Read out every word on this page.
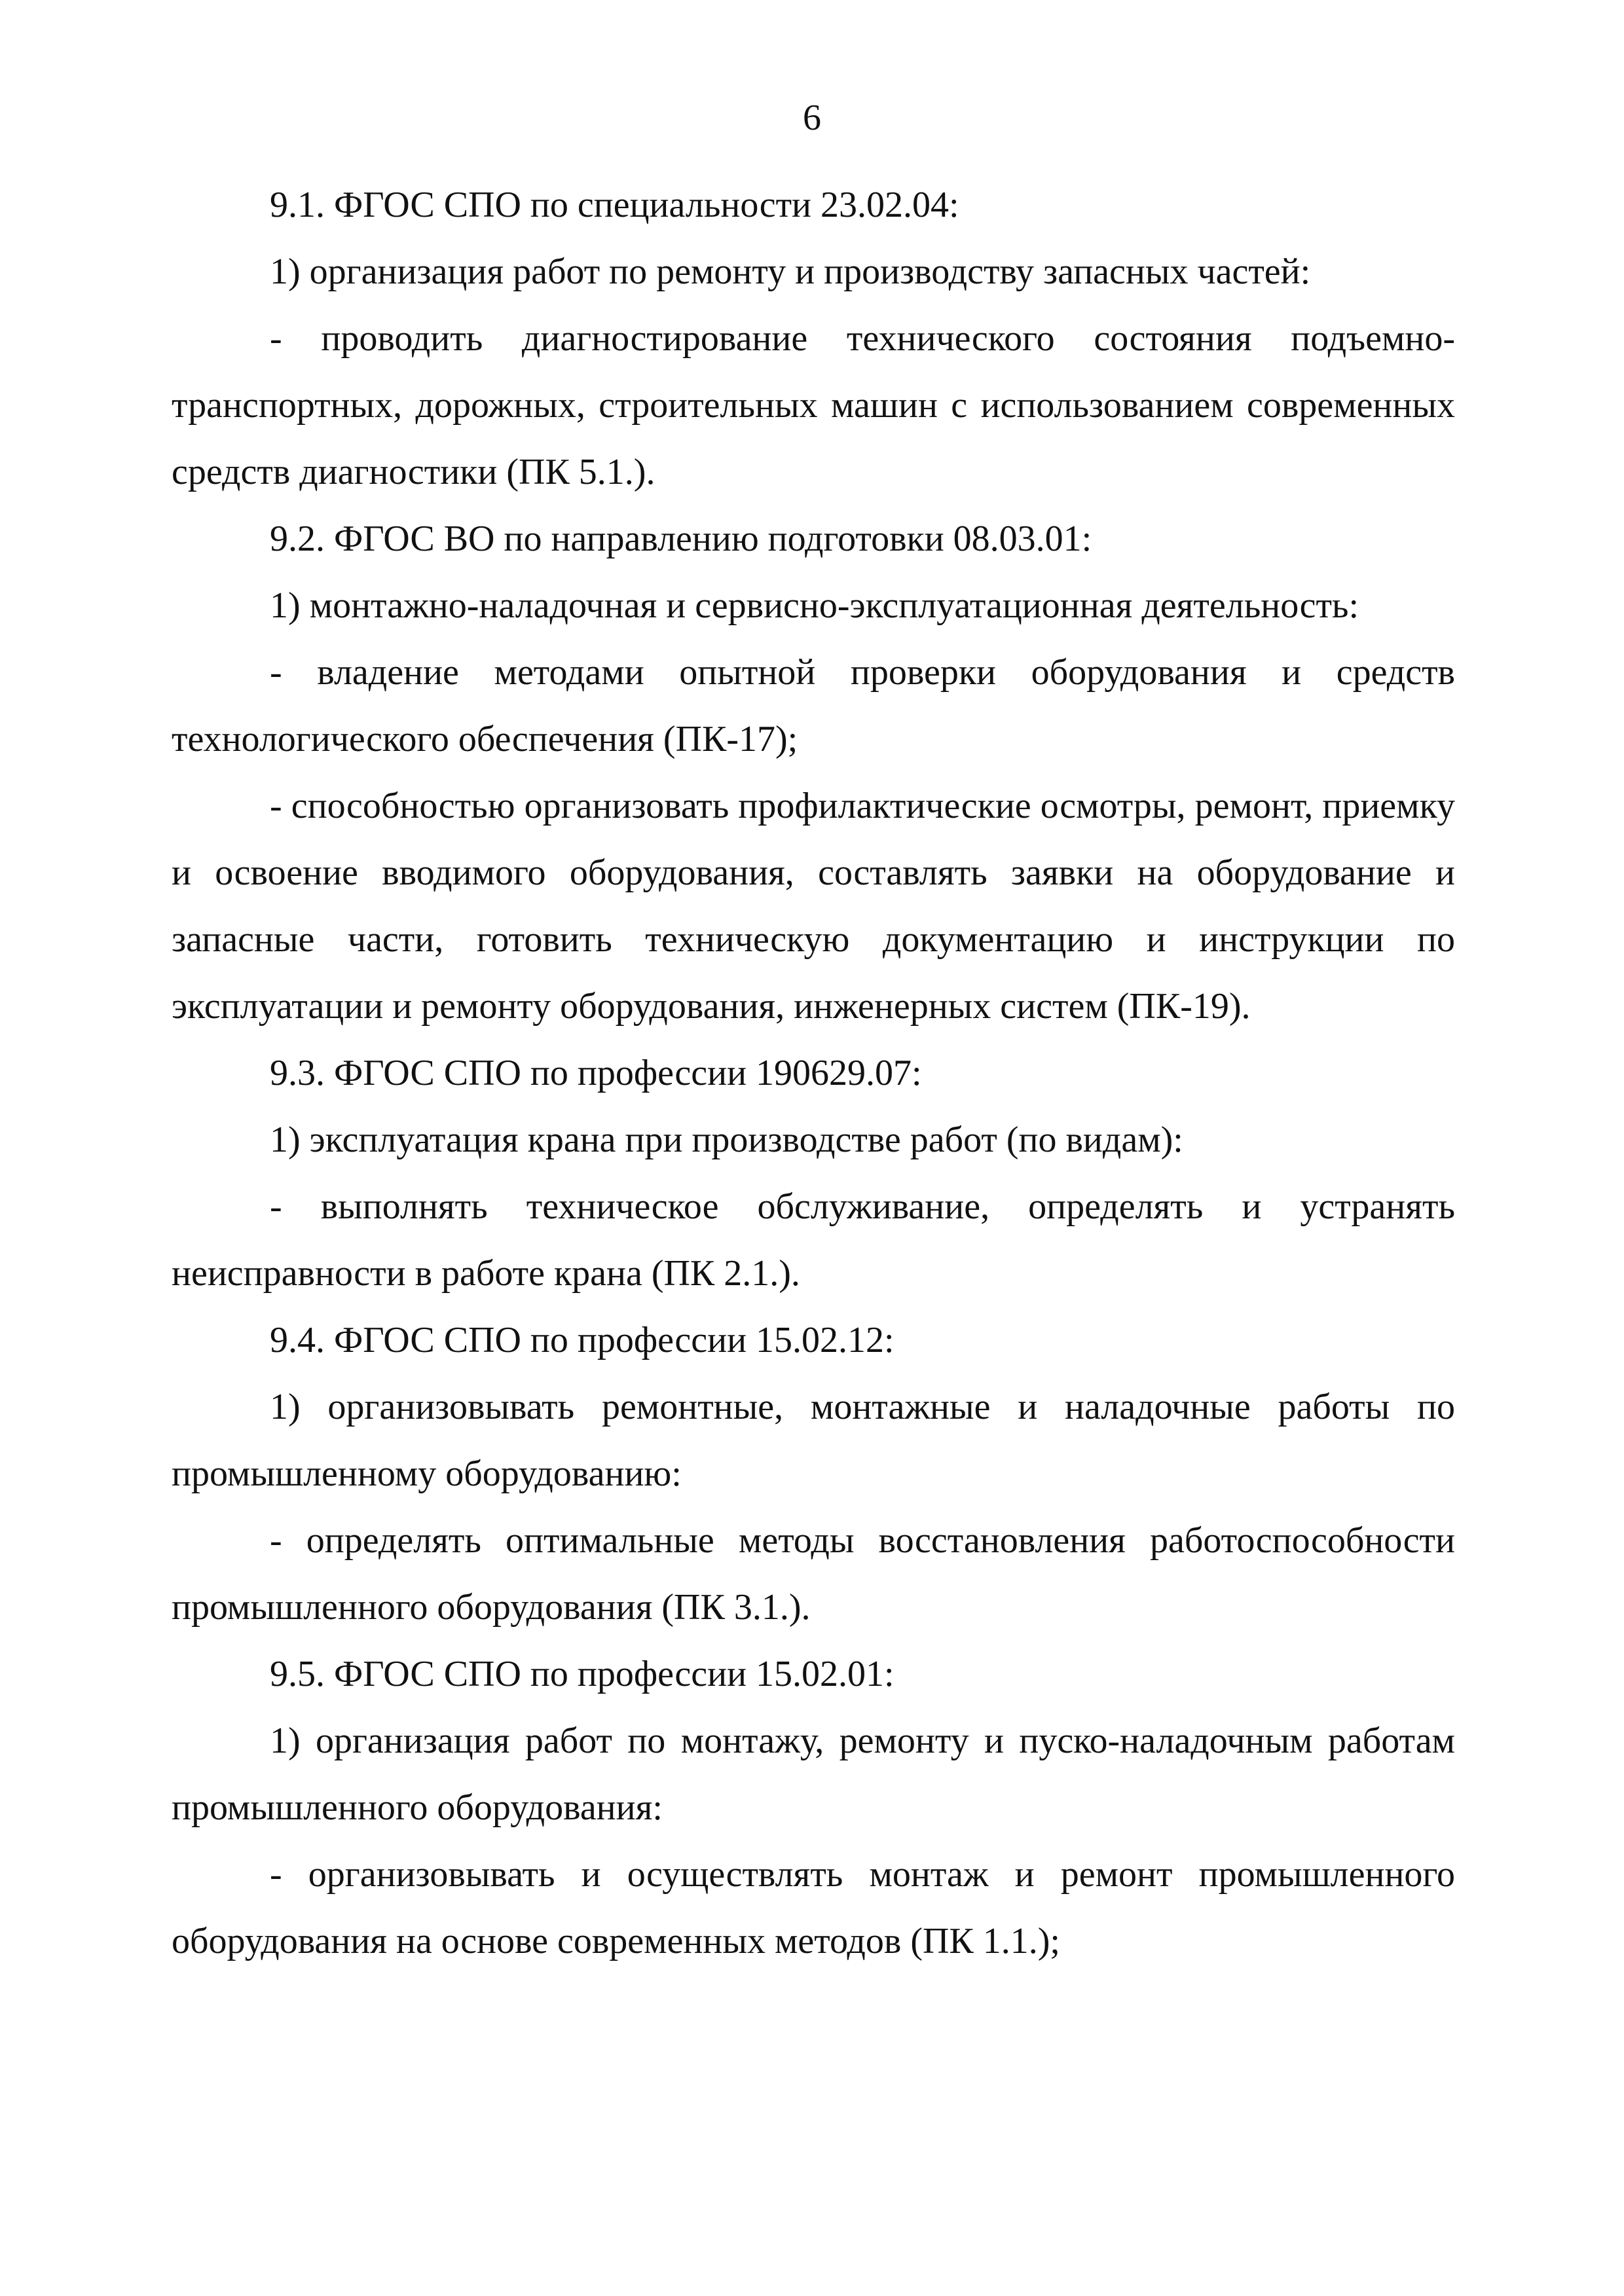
6

9.1. ФГОС СПО по специальности 23.02.04:

1) организация работ по ремонту и производству запасных частей:

- проводить диагностирование технического состояния подъемно-транспортных, дорожных, строительных машин с использованием современных средств диагностики (ПК 5.1.).

9.2. ФГОС ВО по направлению подготовки 08.03.01:

1) монтажно-наладочная и сервисно-эксплуатационная деятельность:

- владение методами опытной проверки оборудования и средств технологического обеспечения (ПК-17);

- способностью организовать профилактические осмотры, ремонт, приемку и освоение вводимого оборудования, составлять заявки на оборудование и запасные части, готовить техническую документацию и инструкции по эксплуатации и ремонту оборудования, инженерных систем (ПК-19).

9.3. ФГОС СПО по профессии 190629.07:

1) эксплуатация крана при производстве работ (по видам):

- выполнять техническое обслуживание, определять и устранять неисправности в работе крана (ПК 2.1.).

9.4. ФГОС СПО по профессии 15.02.12:

1) организовывать ремонтные, монтажные и наладочные работы по промышленному оборудованию:

- определять оптимальные методы восстановления работоспособности промышленного оборудования (ПК 3.1.).

9.5. ФГОС СПО по профессии 15.02.01:

1) организация работ по монтажу, ремонту и пуско-наладочным работам промышленного оборудования:

- организовывать и осуществлять монтаж и ремонт промышленного оборудования на основе современных методов (ПК 1.1.);
